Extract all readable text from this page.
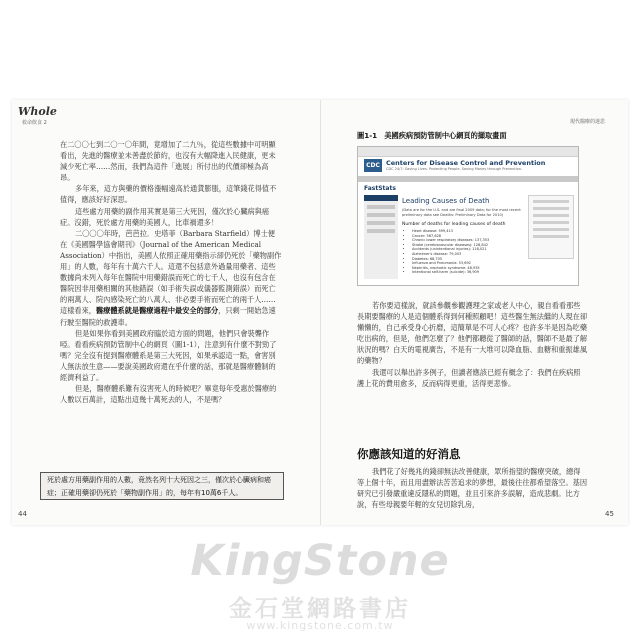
Whole
救命飲食 2

在二〇〇七到二〇一〇年間，竟增加了二九％，從這些數據中可明顯看出，先進的醫療並未善盡於節約，也沒有大幅降進入民健康，更未減少死亡率……然而，我們為這件「進展」所付出的代價卻極為高昂。

多年來，這方與藥的價格漲幅遠高於通貨膨脹，這筆錢花得值不值得，應該好好深思。

這些處方用藥的副作用其實是第三大死因，僅次於心臟病與癌症。沒錯，死於處方用藥的美國人，比車禍還多！

二〇〇〇年時，芭芭拉．史塔菲（Barbara Starfield）博士便在《美國醫學協會期刊》（Journal of the American Medical Association）中指出，美國人依照正確用藥指示卻仍死於「藥物副作用」的人數，每年有十萬六千人。這還不包括意外過量用藥者、這些數據尚未列入每年在醫院中用藥錯誤而死亡的七千人，也沒有包含在醫院因非用藥相關的其他錯誤（如手術失誤或儀器監測錯誤）而死亡的兩萬人、院內感染死亡的八萬人、非必要手術而死亡的兩千人……這樣看來，醫療體系就是醫療過程中最安全的部分，只剩一開始急速行駛至醫院的救護車。

但是如果你看到美國政府臨於這方面的問題，他們只會裝聾作啞。看看疾病預防管制中心的網頁（圖1-1），注意到有什麼不對勁了嗎？完全沒有提到醫療體系是第三大死因，如果承認這一點，會害別人無法放生意——要說美國政府還在乎什麼的話，那就是醫療體制的經濟利益了。

但是，醫療體系難有沒害死人的時候吧？畢竟每年受惠於醫療的人數以百萬計，這點出這幾十萬死去的人，不是嗎？

死於處方用藥副作用的人數，竟然名列十大死因之三，僅次於心臟病和癌症；正確用藥卻仍死於「藥物副作用」的，每年有10萬6千人。
44
現代醫療的迷思
圖1-1　美國疾病預防管制中心網頁的擷取畫面
CDC Centers for Disease Control and Prevention
CDC 24/7: Saving Lives. Protecting People. Saving Money through Prevention.
FastStats
Leading Causes of Death
(Data are for the U.S. and are final 2009 data; for the most recent preliminary data see Deaths: Preliminary Data for 2010)
Number of deaths for leading causes of death
• Heart disease: 599,413
• Cancer: 567,628
• Chronic lower respiratory diseases: 137,353
• Stroke (cerebrovascular diseases): 128,842
• Accidents (unintentional injuries): 118,021
• Alzheimer's disease: 79,003
• Diabetes: 68,705
• Influenza and Pneumonia: 53,692
• Nephritis, nephrotic syndrome: 48,935
• Intentional self-harm (suicide): 36,909

若你要這樣說，就該參觀參觀護理之家或老人中心，親自看看那些長期要醫療的人是這個體系得到何種照顧吧！這些醫生無法繼的人現在卻懶懶的，自己承受身心折磨，這簡單是不可人心疼？也許多半是因為吃藥吃出病的，但是，他們怎麼了？他們都聽從了醫師的話，醫師不是最了解狀況的嗎？白天的電視廣告，不是有一大堆可以降血脂、血糖和重振雄風的藥物？

我還可以舉出許多例子，但讀者應該已經有概念了：我們在疾病照護上花的費用愈多，反而病得更重，活得更悲慘。

你應該知道的好消息

我們花了好幾兆的錢卻無法改善健康，眾所指望的醫療突破，總得等上個十年，而且用盡辦法苦苦追求的夢想，最後往往都希望落空。基因研究已引發嚴重違反隱私的問題，並且引來許多誤解，造成悲劇。比方說，有些母親要年輕的女兒切除乳房，

45
KingStone
金石堂網路書店
www.kingstone.com.tw
